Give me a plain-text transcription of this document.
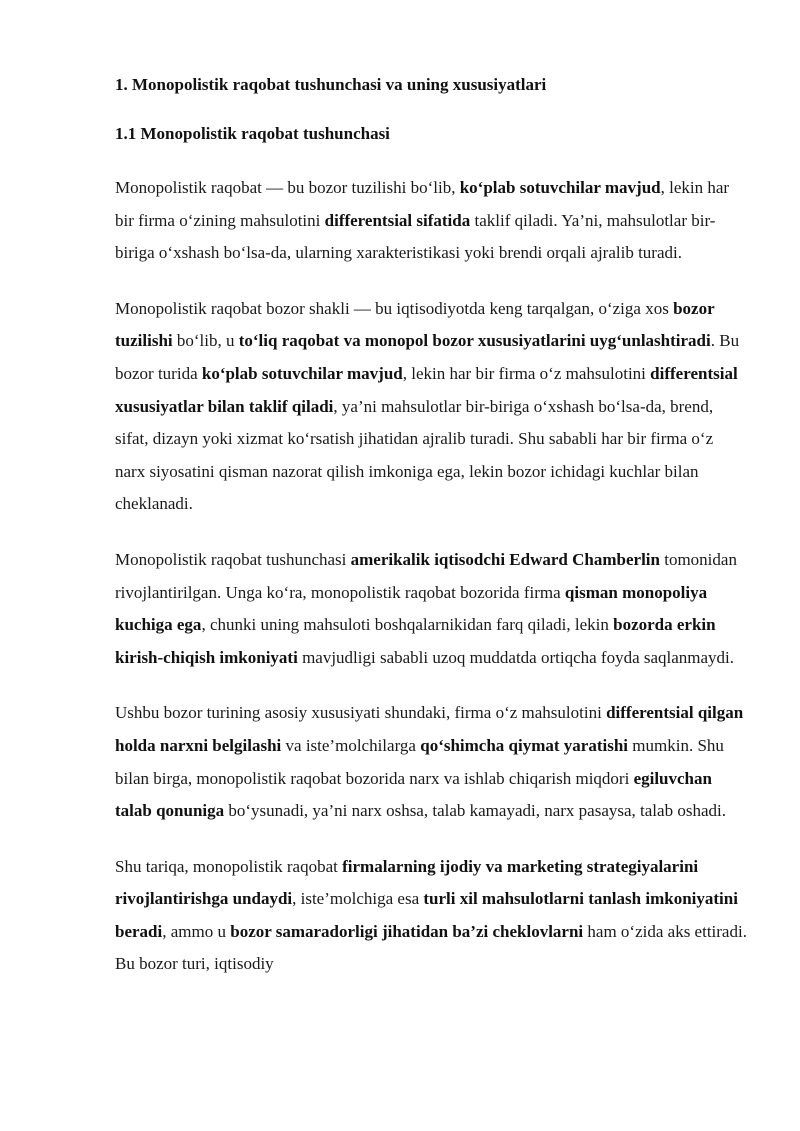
1. Monopolistik raqobat tushunchasi va uning xususiyatlari
1.1 Monopolistik raqobat tushunchasi

Monopolistik raqobat — bu bozor tuzilishi bo‘lib, ko‘plab sotuvchilar mavjud, lekin har bir firma o‘zining mahsulotini differentsial sifatida taklif qiladi. Ya’ni, mahsulotlar bir-biriga o‘xshash bo‘lsa-da, ularning xarakteristikasi yoki brendi orqali ajralib turadi.

Monopolistik raqobat bozor shakli — bu iqtisodiyotda keng tarqalgan, o‘ziga xos bozor tuzilishi bo‘lib, u to‘liq raqobat va monopol bozor xususiyatlarini uyg‘unlashtiradi. Bu bozor turida ko‘plab sotuvchilar mavjud, lekin har bir firma o‘z mahsulotini differentsial xususiyatlar bilan taklif qiladi, ya’ni mahsulotlar bir-biriga o‘xshash bo‘lsa-da, brend, sifat, dizayn yoki xizmat ko‘rsatish jihatidan ajralib turadi. Shu sababli har bir firma o‘z narx siyosatini qisman nazorat qilish imkoniga ega, lekin bozor ichidagi kuchlar bilan cheklanadi.

Monopolistik raqobat tushunchasi amerikalik iqtisodchi Edward Chamberlin tomonidan rivojlantirilgan. Unga ko‘ra, monopolistik raqobat bozorida firma qisman monopoliya kuchiga ega, chunki uning mahsuloti boshqalarnikidan farq qiladi, lekin bozorda erkin kirish-chiqish imkoniyati mavjudligi sababli uzoq muddatda ortiqcha foyda saqlanmaydi.

Ushbu bozor turining asosiy xususiyati shundaki, firma o‘z mahsulotini differentsial qilgan holda narxni belgilashi va iste’molchilarga qo‘shimcha qiymat yaratishi mumkin. Shu bilan birga, monopolistik raqobat bozorida narx va ishlab chiqarish miqdori egiluvchan talab qonuniga bo‘ysunadi, ya’ni narx oshsa, talab kamayadi, narx pasaysa, talab oshadi.

Shu tariqa, monopolistik raqobat firmalarning ijodiy va marketing strategiyalarini rivojlantirishga undaydi, iste’molchiga esa turli xil mahsulotlarni tanlash imkoniyatini beradi, ammo u bozor samaradorligi jihatidan ba’zi cheklovlarni ham o‘zida aks ettiradi. Bu bozor turi, iqtisodiy
